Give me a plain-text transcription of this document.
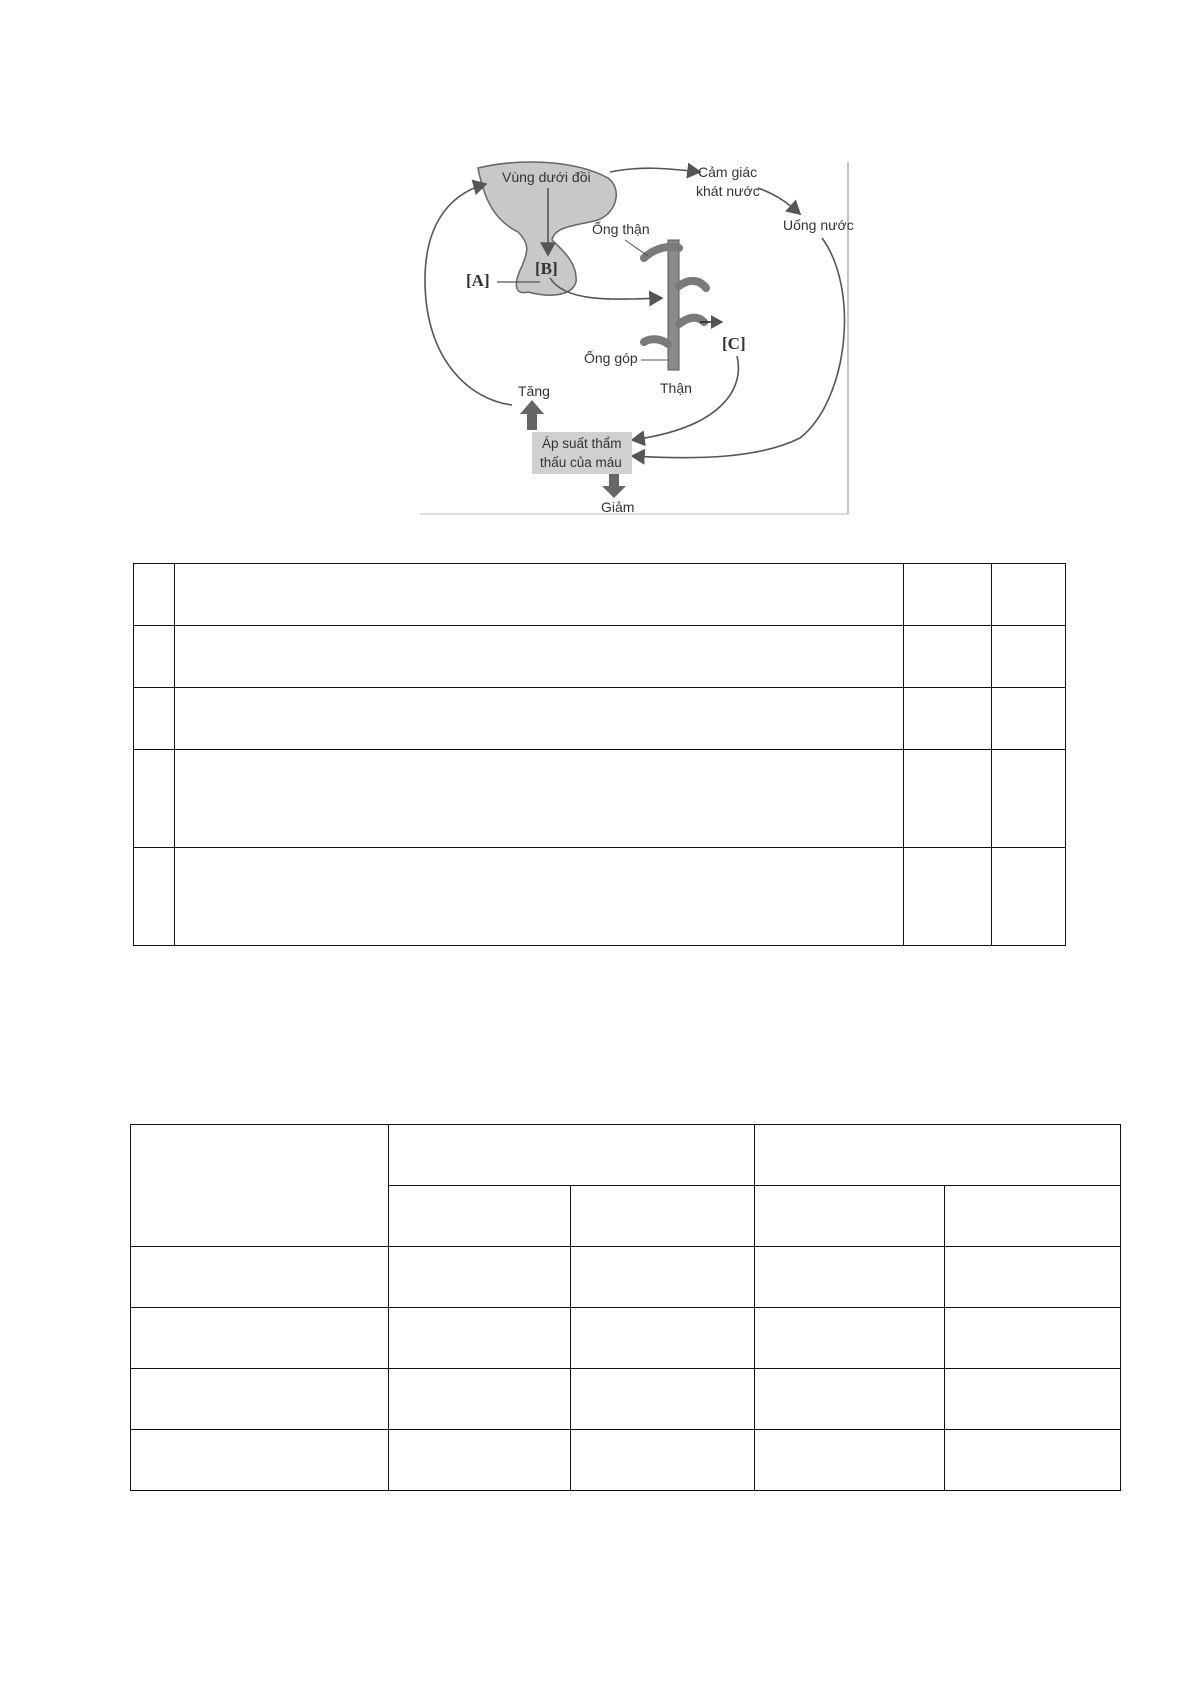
Vùng dưới đồi
[B]
[A]
Cảm giác
khát nước
Uống nước
Ống thận
Ống góp
Thận
[C]
Tăng
Áp suất thẩm
thấu của máu
Giảm
